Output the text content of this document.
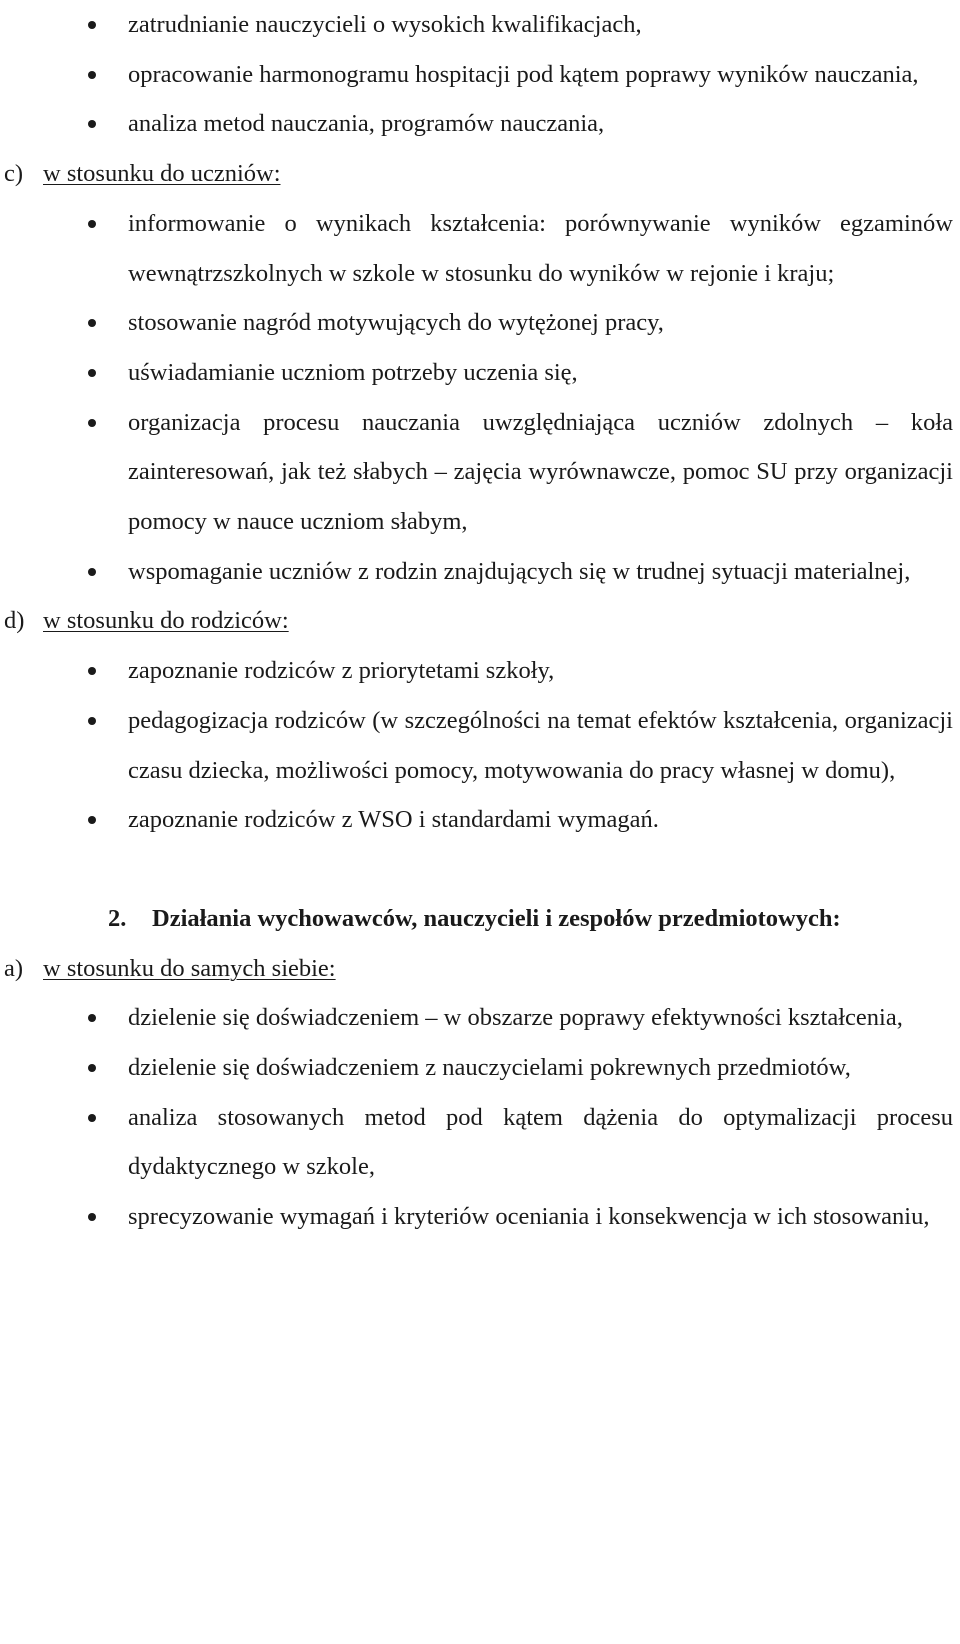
zatrudnianie nauczycieli o wysokich kwalifikacjach,
opracowanie harmonogramu hospitacji pod kątem poprawy wyników nauczania,
analiza metod nauczania, programów nauczania,
c) w stosunku do uczniów:
informowanie o wynikach kształcenia: porównywanie wyników egzaminów wewnątrzszkolnych w szkole w stosunku do wyników w rejonie i kraju;
stosowanie nagród motywujących do wytężonej pracy,
uświadamianie uczniom potrzeby uczenia się,
organizacja procesu nauczania uwzględniająca uczniów zdolnych – koła zainteresowań, jak też słabych – zajęcia wyrównawcze, pomoc SU przy organizacji pomocy w nauce uczniom słabym,
wspomaganie uczniów z rodzin znajdujących się w trudnej sytuacji materialnej,
d) w stosunku do rodziców:
zapoznanie rodziców z priorytetami szkoły,
pedagogizacja rodziców (w szczególności na temat efektów kształcenia, organizacji czasu dziecka, możliwości pomocy, motywowania do pracy własnej w domu),
zapoznanie rodziców z WSO i standardami wymagań.
2. Działania wychowawców, nauczycieli i zespołów przedmiotowych:
a) w stosunku do samych siebie:
dzielenie się doświadczeniem – w obszarze poprawy efektywności kształcenia,
dzielenie się doświadczeniem z nauczycielami pokrewnych przedmiotów,
analiza stosowanych metod pod kątem dążenia do optymalizacji procesu dydaktycznego w szkole,
sprecyzowanie wymagań i kryteriów oceniania i konsekwencja w ich stosowaniu,
